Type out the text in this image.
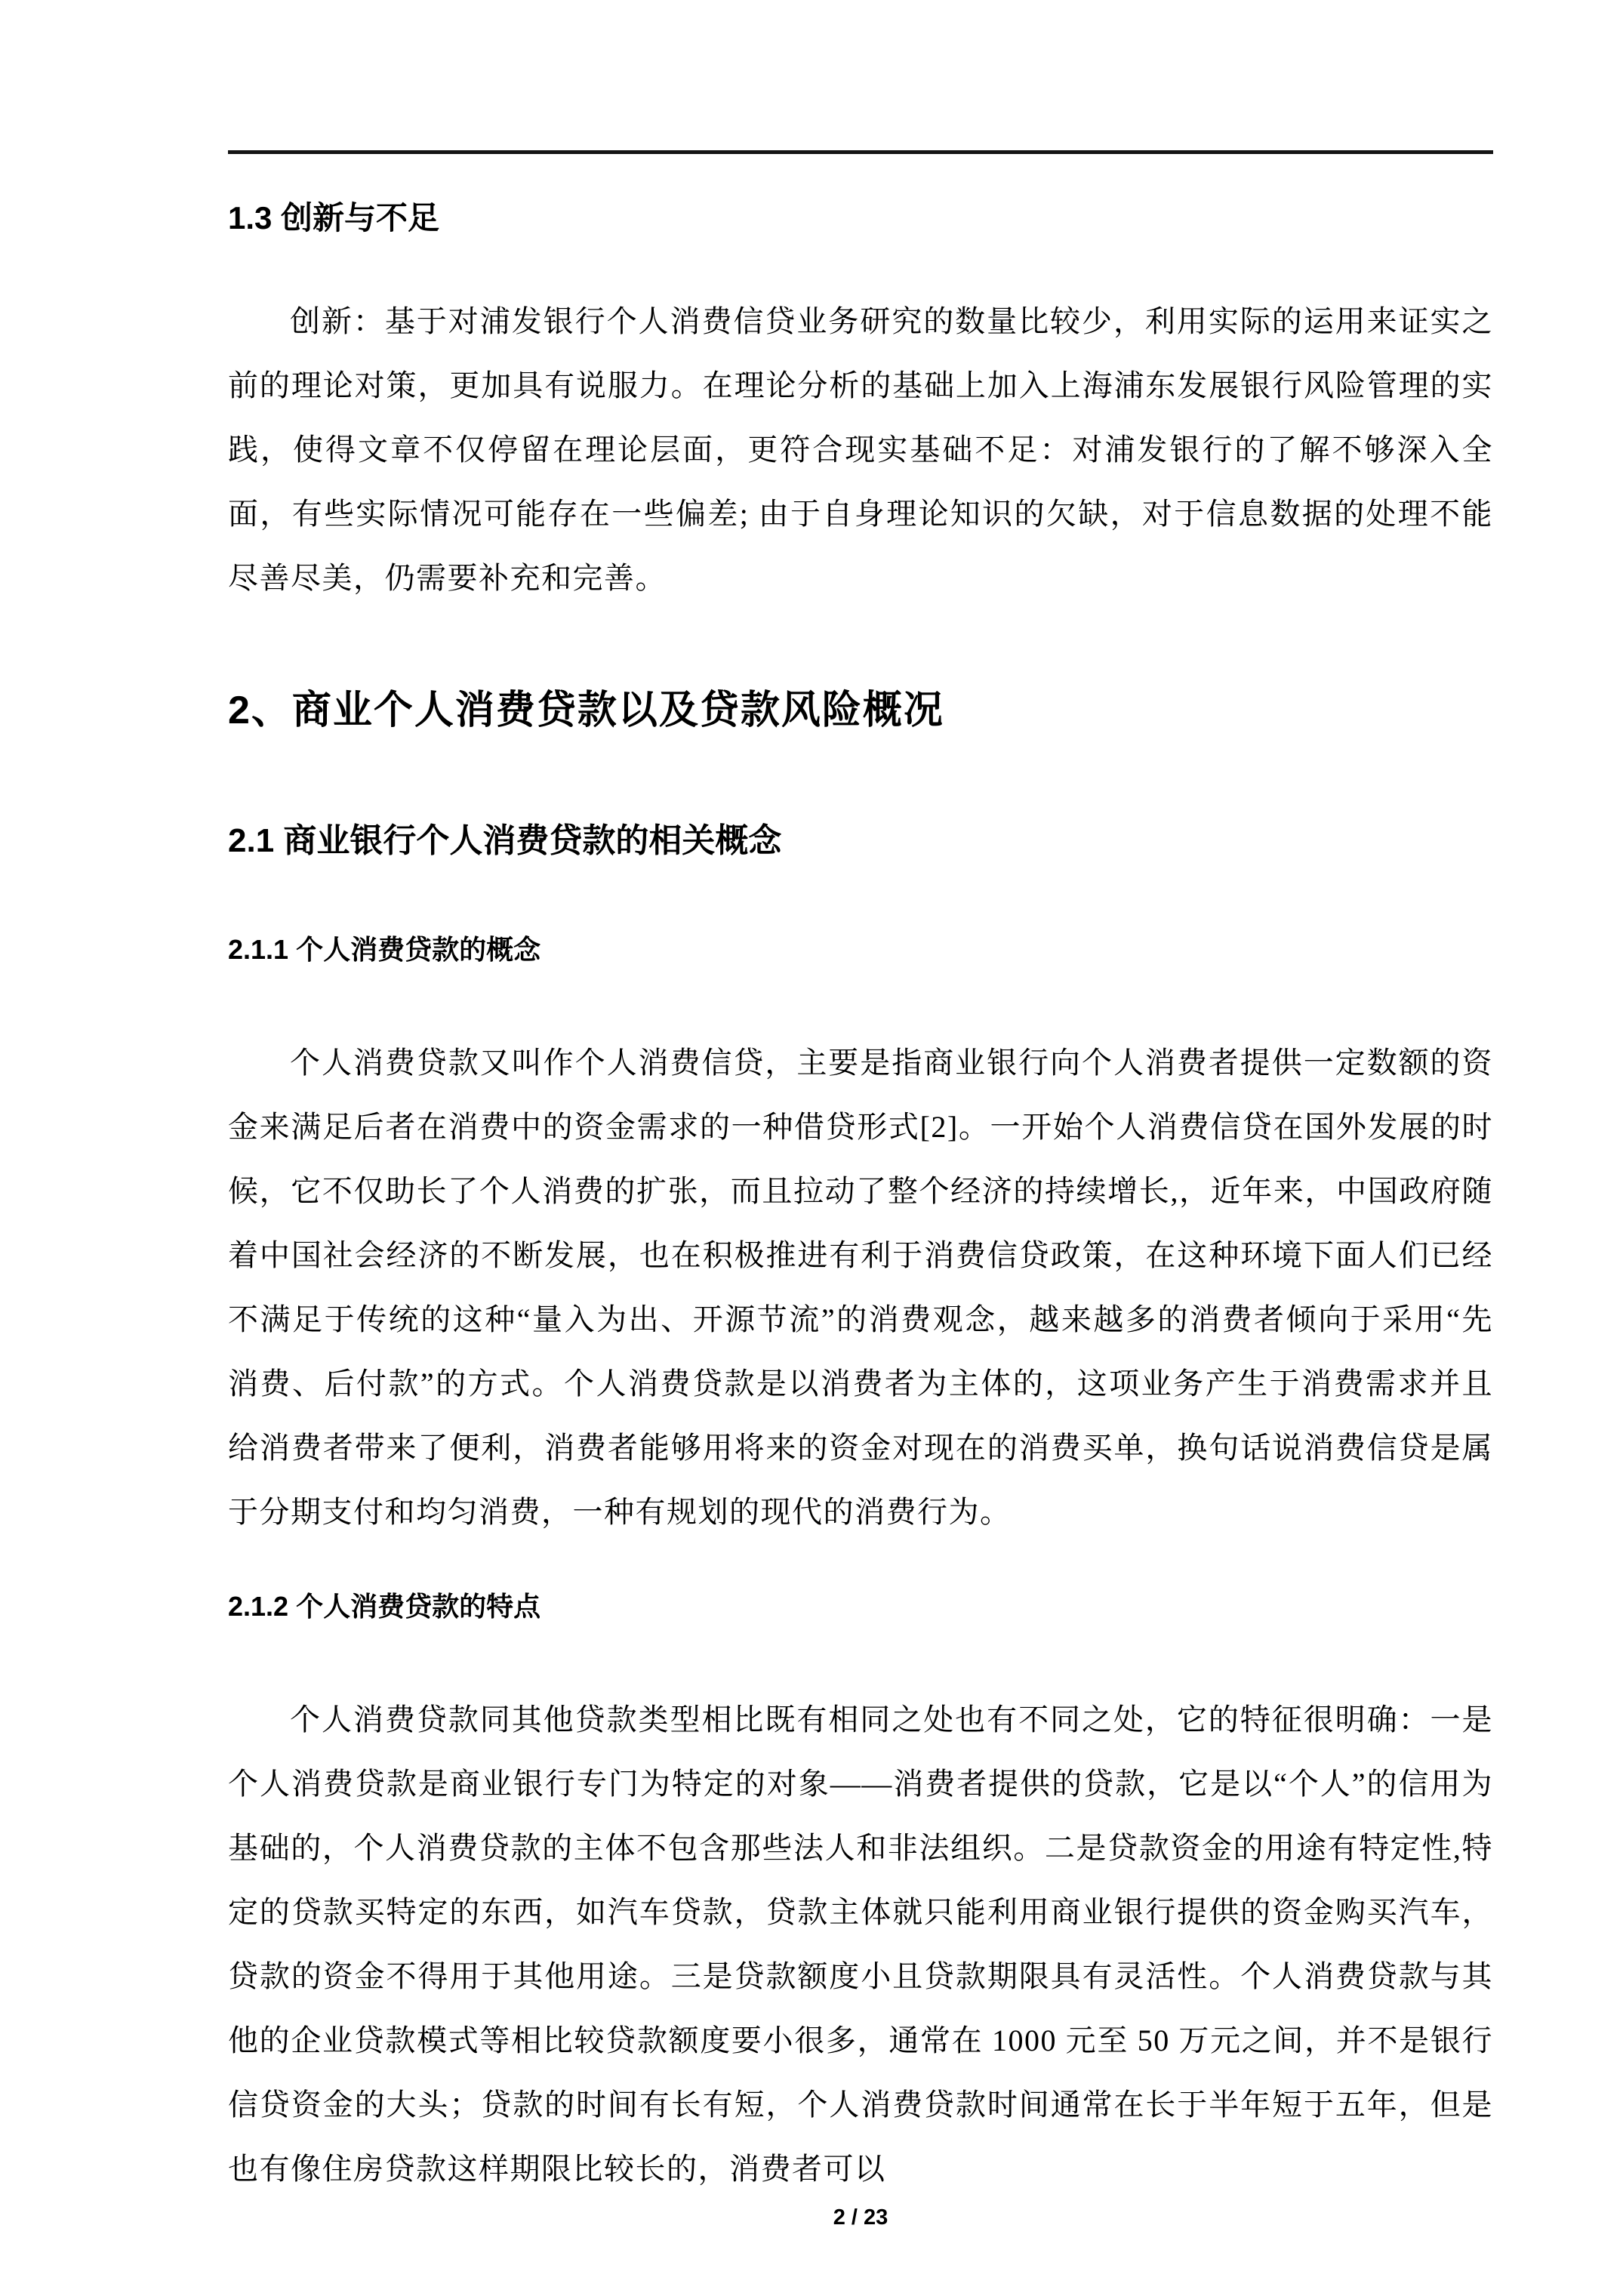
1.3 创新与不足

创新：基于对浦发银行个人消费信贷业务研究的数量比较少，利用实际的运用来证实之前的理论对策，更加具有说服力。在理论分析的基础上加入上海浦东发展银行风险管理的实践，使得文章不仅停留在理论层面，更符合现实基础不足：对浦发银行的了解不够深入全面，有些实际情况可能存在一些偏差; 由于自身理论知识的欠缺，对于信息数据的处理不能尽善尽美，仍需要补充和完善。

2、商业个人消费贷款以及贷款风险概况
2.1 商业银行个人消费贷款的相关概念
2.1.1 个人消费贷款的概念

个人消费贷款又叫作个人消费信贷，主要是指商业银行向个人消费者提供一定数额的资金来满足后者在消费中的资金需求的一种借贷形式[2]。一开始个人消费信贷在国外发展的时候，它不仅助长了个人消费的扩张，而且拉动了整个经济的持续增长,，近年来，中国政府随着中国社会经济的不断发展，也在积极推进有利于消费信贷政策，在这种环境下面人们已经不满足于传统的这种“量入为出、开源节流”的消费观念，越来越多的消费者倾向于采用“先消费、后付款”的方式。个人消费贷款是以消费者为主体的，这项业务产生于消费需求并且给消费者带来了便利，消费者能够用将来的资金对现在的消费买单，换句话说消费信贷是属于分期支付和均匀消费，一种有规划的现代的消费行为。

2.1.2 个人消费贷款的特点

个人消费贷款同其他贷款类型相比既有相同之处也有不同之处，它的特征很明确：一是个人消费贷款是商业银行专门为特定的对象——消费者提供的贷款，它是以“个人”的信用为基础的，个人消费贷款的主体不包含那些法人和非法组织。二是贷款资金的用途有特定性,特定的贷款买特定的东西，如汽车贷款，贷款主体就只能利用商业银行提供的资金购买汽车，贷款的资金不得用于其他用途。三是贷款额度小且贷款期限具有灵活性。个人消费贷款与其他的企业贷款模式等相比较贷款额度要小很多，通常在 1000 元至 50 万元之间，并不是银行信贷资金的大头；贷款的时间有长有短，个人消费贷款时间通常在长于半年短于五年，但是也有像住房贷款这样期限比较长的，消费者可以

2 / 23
